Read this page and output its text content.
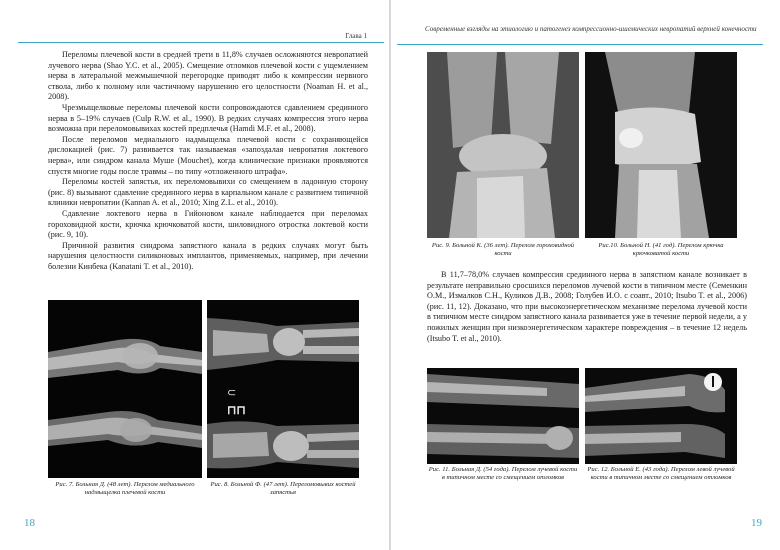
Глава 1

Переломы плечевой кости в средней трети в 11,8% случаев осложняются невропатией лучевого нерва (Shao Y.C. et al., 2005). Смещение отломков плечевой кости с ущемлением нерва в латеральной межмышечной перегородке приводят либо к компрессии нервного ствола, либо к полному или частичному нарушению его целостности (Noaman H. et al., 2008).

Чрезмыщелковые переломы плечевой кости сопровождаются сдавлением срединного нерва в 5–19% случаев (Culp R.W. et al., 1990). В редких случаях компрессия этого нерва возможна при переломовывихах костей предплечья (Hamdi M.F. et al., 2008).

После переломов медиального надмыщелка плечевой кости с сохраняющейся дислокацией (рис. 7) развивается так называемая «запоздалая невропатия локтевого нерва», или синдром канала Муше (Mouchet), когда клинические признаки проявляются спустя многие годы после травмы – по типу «отложенного штрафа».

Переломы костей запястья, их переломовывихи со смещением в ладонную сторону (рис. 8) вызывают сдавление срединного нерва в карпальном канале с развитием типичной клиники невропатии (Kannan A. et al., 2010; Xing Z.L. et al., 2010).

Сдавление локтевого нерва в Гийоновом канале наблюдается при переломах гороховидной кости, крючка крючковатой кости, шиловидного отростка локтевой кости (рис. 9, 10).

Причиной развития синдрома запястного канала в редких случаях могут быть нарушения целостности силиконовых имплантов, применяемых, например, при лечении болезни Кинбека (Kanatani T. et al., 2010).

Рис. 7. Больная Д. (48 лет). Перелом медиального надмыщелка плечевой кости
⊓⊓
⊂
Рис. 8. Больной Ф. (47 лет). Переломовывих костей запястья
18
Современные взгляды на этиологию и патогенез компрессионно-ишемических невропатий верхней конечности
Рис. 9. Больной К. (36 лет). Перелом гороховидной кости
Рис.10. Больной Н. (41 год). Перелом крючка крючковатой кости

В 11,7–78,0% случаев компрессия срединного нерва в запястном канале возникает в результате неправильно сросшихся переломов лучевой кости в типичном месте (Семенкин О.М., Измалков С.Н., Куликов Д.В., 2008; Голубев И.О. с соавт., 2010; Itsubo T. et al., 2006) (рис. 11, 12). Доказано, что при высокоэнергетическом механизме перелома лучевой кости в типичном месте синдром запястного канала развивается уже в течение первой недели, а у пожилых женщин при низкоэнергетическом характере повреждения – в течение 12 недель (Itsubo T. et al., 2010).

Рис. 11. Больная Д. (54 года). Перелом лучевой кости в типичном месте со смещением отломков
Рис. 12. Больной Е. (43 года). Перелом левой лучевой кости в типичном месте со смещением отломков
19
